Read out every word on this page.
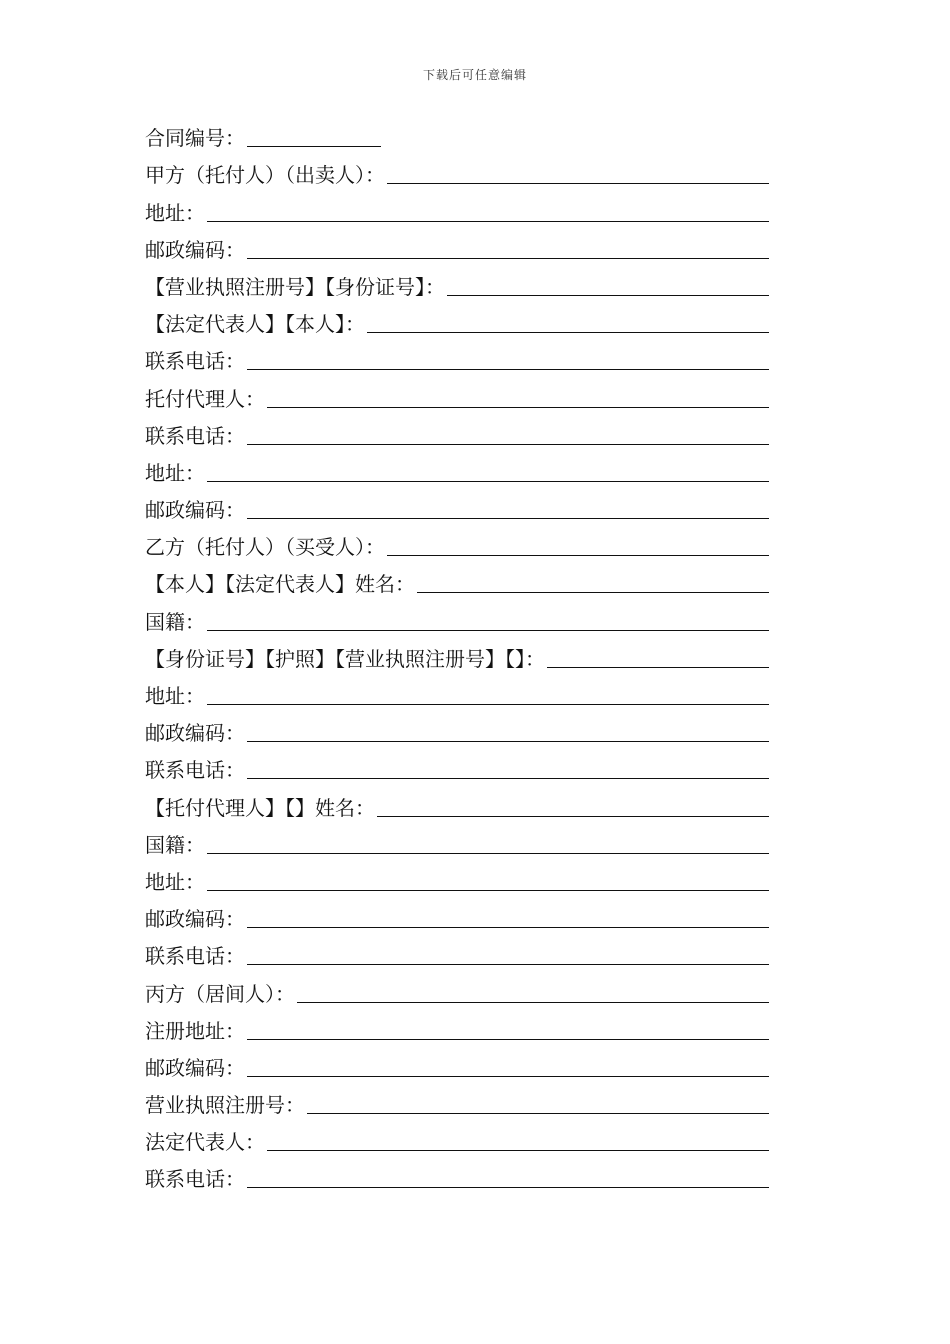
下载后可任意编辑
合同编号：
甲方（托付人）（出卖人）：
地址：
邮政编码：
【营业执照注册号】【身份证号】：
【法定代表人】【本人】：
联系电话：
托付代理人：
联系电话：
地址：
邮政编码：
乙方（托付人）（买受人）：
【本人】【法定代表人】姓名：
国籍：
【身份证号】【护照】【营业执照注册号】【】：
地址：
邮政编码：
联系电话：
【托付代理人】【】姓名：
国籍：
地址：
邮政编码：
联系电话：
丙方（居间人）：
注册地址：
邮政编码：
营业执照注册号：
法定代表人：
联系电话：
